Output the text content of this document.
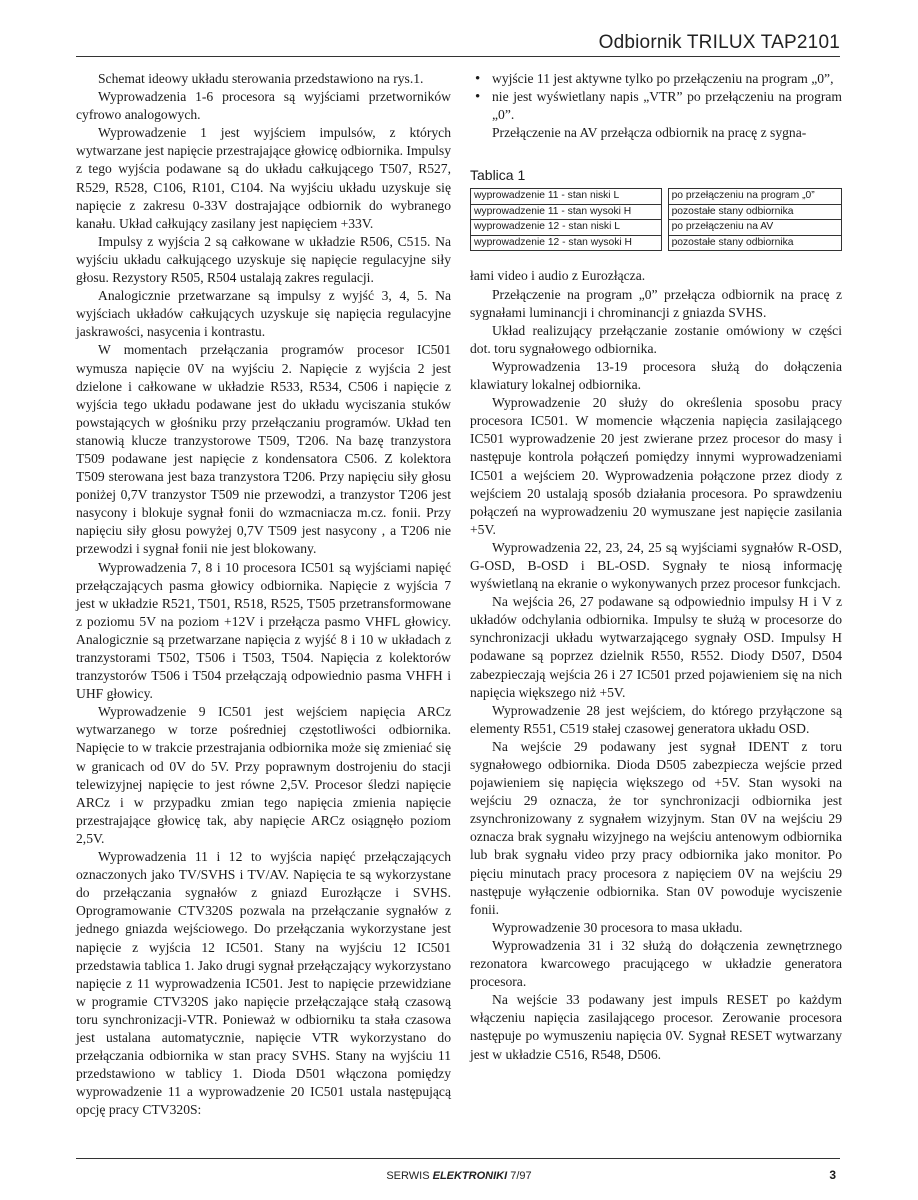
Odbiornik TRILUX TAP2101

Schemat ideowy układu sterowania przedstawiono na rys.1.

Wyprowadzenia 1-6 procesora są wyjściami przetworników cyfrowo analogowych.

Wyprowadzenie 1 jest wyjściem impulsów, z których wytwarzane jest napięcie przestrajające głowicę odbiornika. Impulsy z tego wyjścia podawane są do układu całkującego T507, R527, R529, R528, C106, R101, C104. Na wyjściu układu uzyskuje się napięcie z zakresu 0-33V dostrajające odbiornik do wybranego kanału. Układ całkujący zasilany jest napięciem +33V.

Impulsy z wyjścia 2 są całkowane w układzie R506, C515. Na wyjściu układu całkującego uzyskuje się napięcie regulacyjne siły głosu. Rezystory R505, R504 ustalają zakres regulacji.

Analogicznie przetwarzane są impulsy z wyjść 3, 4, 5. Na wyjściach układów całkujących uzyskuje się napięcia regulacyjne jaskrawości, nasycenia i kontrastu.

W momentach przełączania programów procesor IC501 wymusza napięcie 0V na wyjściu 2. Napięcie z wyjścia 2 jest dzielone i całkowane w układzie R533, R534, C506 i napięcie z wyjścia tego układu podawane jest do układu wyciszania stuków powstających w głośniku przy przełączaniu programów. Układ ten stanowią klucze tranzystorowe T509, T206. Na bazę tranzystora T509 podawane jest napięcie z kondensatora C506. Z kolektora T509 sterowana jest baza tranzystora T206. Przy napięciu siły głosu poniżej 0,7V tranzystor T509 nie przewodzi, a tranzystor T206 jest nasycony i blokuje sygnał fonii do wzmacniacza m.cz. fonii. Przy napięciu siły głosu powyżej 0,7V T509 jest nasycony , a T206 nie przewodzi i sygnał fonii nie jest blokowany.

Wyprowadzenia 7, 8 i 10 procesora IC501 są wyjściami napięć przełączających pasma głowicy odbiornika. Napięcie z wyjścia 7 jest w układzie R521, T501, R518, R525, T505 przetransformowane z poziomu 5V na poziom +12V i przełącza pasmo VHFL głowicy. Analogicznie są przetwarzane napięcia z wyjść 8 i 10 w układach z tranzystorami T502, T506 i T503, T504. Napięcia z kolektorów tranzystorów T506 i T504 przełączają odpowiednio pasma VHFH i UHF głowicy.

Wyprowadzenie 9 IC501 jest wejściem napięcia ARCz wytwarzanego w torze pośredniej częstotliwości odbiornika. Napięcie to w trakcie przestrajania odbiornika może się zmieniać się w granicach od 0V do 5V. Przy poprawnym dostrojeniu do stacji telewizyjnej napięcie to jest równe 2,5V. Procesor śledzi napięcie ARCz i w przypadku zmian tego napięcia zmienia napięcie przestrajające głowicę tak, aby napięcie ARCz osiągnęło poziom 2,5V.

Wyprowadzenia 11 i 12 to wyjścia napięć przełączających oznaczonych jako TV/SVHS i TV/AV. Napięcia te są wykorzystane do przełączania sygnałów z gniazd Eurozłącze i SVHS. Oprogramowanie CTV320S pozwala na przełączanie sygnałów z jednego gniazda wejściowego. Do przełączania wykorzystane jest napięcie z wyjścia 12 IC501. Stany na wyjściu 12 IC501 przedstawia tablica 1. Jako drugi sygnał przełączający wykorzystano napięcie z 11 wyprowadzenia IC501. Jest to napięcie przewidziane w programie CTV320S jako napięcie przełączające stałą czasową toru synchronizacji-VTR. Ponieważ w odbiorniku ta stała czasowa jest ustalana automatycznie, napięcie VTR wykorzystano do przełączania odbiornika w stan pracy SVHS. Stany na wyjściu 11 przedstawiono w tablicy 1. Dioda D501 włączona pomiędzy wyprowadzenie 11 a wyprowadzenie 20 IC501 ustala następującą opcję pracy CTV320S:

• wyjście 11 jest aktywne tylko po przełączeniu na program „0”,
• nie jest wyświetlany napis „VTR” po przełączeniu na program „0”.

Przełączenie na AV przełącza odbiornik na pracę z sygna-

Tablica 1
wyprowadzenie 11 - stan niski L		po przełączeniu na program „0”
wyprowadzenie 11 - stan wysoki H		pozostałe stany odbiornika
wyprowadzenie 12 - stan niski L		po przełączeniu na AV
wyprowadzenie 12 - stan wysoki H		pozostałe stany odbiornika

łami video i audio z Eurozłącza.

Przełączenie na program „0” przełącza odbiornik na pracę z sygnałami luminancji i chrominancji z gniazda SVHS.

Układ realizujący przełączanie zostanie omówiony w części dot. toru sygnałowego odbiornika.

Wyprowadzenia 13-19 procesora służą do dołączenia klawiatury lokalnej odbiornika.

Wyprowadzenie 20 służy do określenia sposobu pracy procesora IC501. W momencie włączenia napięcia zasilającego IC501 wyprowadzenie 20 jest zwierane przez procesor do masy i następuje kontrola połączeń pomiędzy innymi wyprowadzeniami IC501 a wejściem 20. Wyprowadzenia połączone przez diody z wejściem 20 ustalają sposób działania procesora. Po sprawdzeniu połączeń na wyprowadzeniu 20 wymuszane jest napięcie zasilania +5V.

Wyprowadzenia 22, 23, 24, 25 są wyjściami sygnałów R-OSD, G-OSD, B-OSD i BL-OSD. Sygnały te niosą informację wyświetlaną na ekranie o wykonywanych przez procesor funkcjach.

Na wejścia 26, 27 podawane są odpowiednio impulsy H i V z układów odchylania odbiornika. Impulsy te służą w procesorze do synchronizacji układu wytwarzającego sygnały OSD. Impulsy H podawane są poprzez dzielnik R550, R552. Diody D507, D504 zabezpieczają wejścia 26 i 27 IC501 przed pojawieniem się na nich napięcia większego niż +5V.

Wyprowadzenie 28 jest wejściem, do którego przyłączone są elementy R551, C519 stałej czasowej generatora układu OSD.

Na wejście 29 podawany jest sygnał IDENT z toru sygnałowego odbiornika. Dioda D505 zabezpiecza wejście przed pojawieniem się napięcia większego od +5V. Stan wysoki na wejściu 29 oznacza, że tor synchronizacji odbiornika jest zsynchronizowany z sygnałem wizyjnym. Stan 0V na wejściu 29 oznacza brak sygnału wizyjnego na wejściu antenowym odbiornika lub brak sygnału video przy pracy odbiornika jako monitor. Po pięciu minutach pracy procesora z napięciem 0V na wejściu 29 następuje wyłączenie odbiornika. Stan 0V powoduje wyciszenie fonii.

Wyprowadzenie 30 procesora to masa układu.

Wyprowadzenia 31 i 32 służą do dołączenia zewnętrznego rezonatora kwarcowego pracującego w układzie generatora procesora.

Na wejście 33 podawany jest impuls RESET po każdym włączeniu napięcia zasilającego procesor. Zerowanie procesora następuje po wymuszeniu napięcia 0V. Sygnał RESET wytwarzany jest w układzie C516, R548, D506.

SERWIS ELEKTRONIKI 7/97	3
